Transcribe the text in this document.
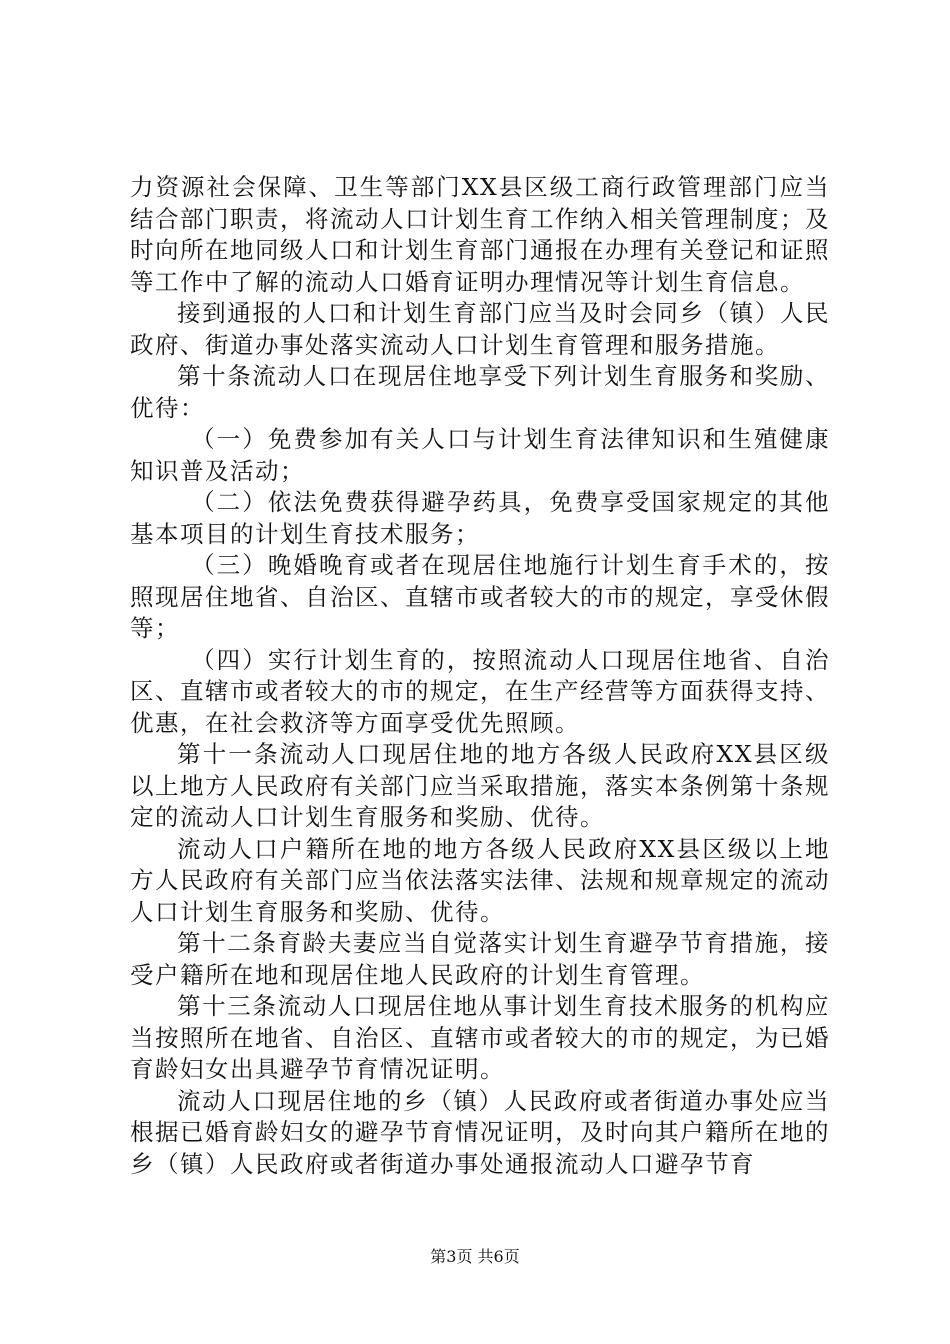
力资源社会保障、卫生等部门XX县区级工商行政管理部门应当结合部门职责，将流动人口计划生育工作纳入相关管理制度；及时向所在地同级人口和计划生育部门通报在办理有关登记和证照等工作中了解的流动人口婚育证明办理情况等计划生育信息。

接到通报的人口和计划生育部门应当及时会同乡（镇）人民政府、街道办事处落实流动人口计划生育管理和服务措施。

第十条流动人口在现居住地享受下列计划生育服务和奖励、优待：

（一）免费参加有关人口与计划生育法律知识和生殖健康知识普及活动；

（二）依法免费获得避孕药具，免费享受国家规定的其他基本项目的计划生育技术服务；

（三）晚婚晚育或者在现居住地施行计划生育手术的，按照现居住地省、自治区、直辖市或者较大的市的规定，享受休假等；

（四）实行计划生育的，按照流动人口现居住地省、自治区、直辖市或者较大的市的规定，在生产经营等方面获得支持、优惠，在社会救济等方面享受优先照顾。

第十一条流动人口现居住地的地方各级人民政府XX县区级以上地方人民政府有关部门应当采取措施，落实本条例第十条规定的流动人口计划生育服务和奖励、优待。

流动人口户籍所在地的地方各级人民政府XX县区级以上地方人民政府有关部门应当依法落实法律、法规和规章规定的流动人口计划生育服务和奖励、优待。

第十二条育龄夫妻应当自觉落实计划生育避孕节育措施，接受户籍所在地和现居住地人民政府的计划生育管理。

第十三条流动人口现居住地从事计划生育技术服务的机构应当按照所在地省、自治区、直辖市或者较大的市的规定，为已婚育龄妇女出具避孕节育情况证明。

流动人口现居住地的乡（镇）人民政府或者街道办事处应当根据已婚育龄妇女的避孕节育情况证明，及时向其户籍所在地的乡（镇）人民政府或者街道办事处通报流动人口避孕节育

第3页 共6页
